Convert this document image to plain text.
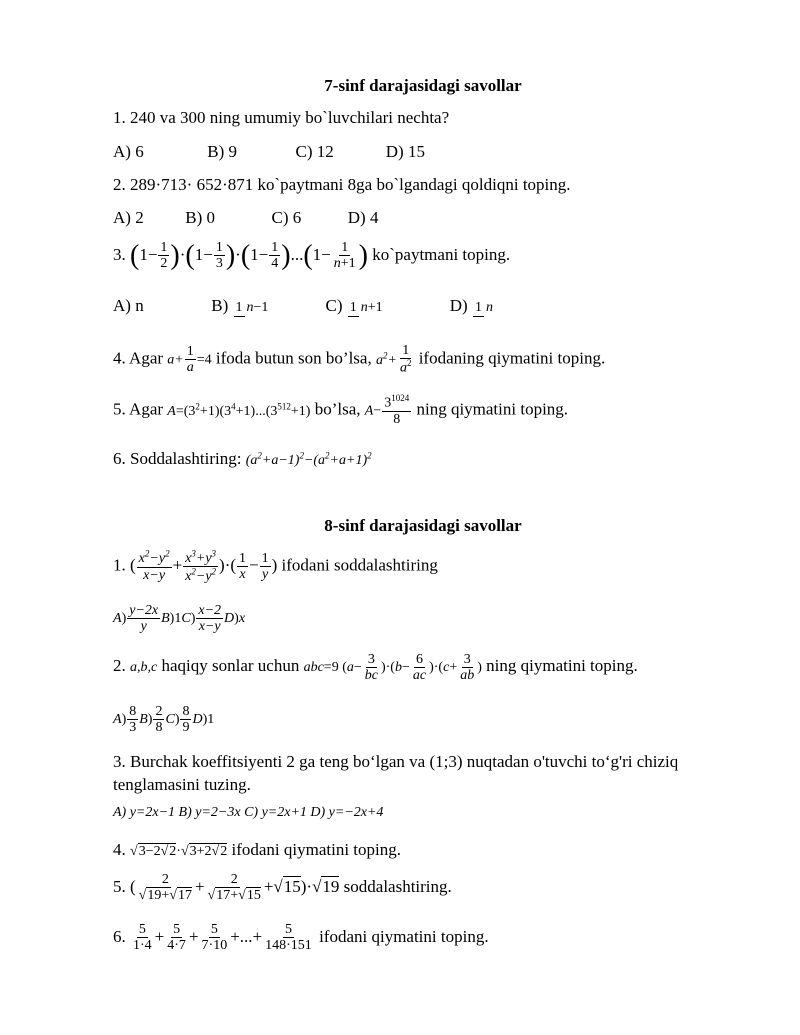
7-sinf darajasidagi savollar
1. 240 va 300 ning umumiy bo`luvchilari nechta?
A) 6	B) 9	C) 12	D) 15
2. 289·713· 652·871 ko`paytmani 8ga bo`lgandagi qoldiqni toping.
A) 2 B) 0	C) 6	D) 4
3. $(1- \frac{1}{2} )\cdot(1- \frac{1}{3} )\cdot(1- \frac{1}{4} )...(1- \frac{1}{n+1}$ ) ko`paytmani toping.
A) n	B) 1 n−1	C) 1 n+1	D) 1 n
4. Agar $a+ \frac{1}{a} =4$ ifoda butun son bo’lsa, $a^2+ \frac{1}{a^2}$ ifodaning qiymatini toping.
5. Agar $A=(3^2+1)(3^4+1)...(3^{512}+1)$ bo’lsa, $A- \frac{3^{1024}}{8}$ ning qiymatini toping.
6. Soddalashtiring: $(a^2+a-1)^2-(a^2+a+1)^2$
8-sinf darajasidagi savollar
1. ( $\frac{x^2-y^2}{x-y} + \frac{x^3+y^3}{x^2-y^2}$ )·( $\frac{1}{x} - \frac{1}{y}$ ) ifodani soddalashtiring
$A) \frac{y-2x}{y} B)1C) \frac{x-2}{x-y} D)x$
2. a,b,c haqiqy sonlar uchun abc=9 $(a- \frac{3}{bc} )\cdot(b- \frac{6}{ac} )\cdot(c+ \frac{3}{ab}$ ) ning qiymatini toping.
$A) \frac{8}{3} B) \frac{2}{8} C) \frac{8}{9} D)1$
3. Burchak koeffitsiyenti 2 ga teng bo‘lgan va (1;3) nuqtadan o'tuvchi to‘g'ri chiziq
tenglamasini tuzing.
A) y=2x−1 B) y=2−3x C) y=2x+1 D) y=−2x+4
4. √3−2√2·√3+2√2 ifodani qiymatini toping.
5. ( $\frac{2}{√19+√17} + \frac{2}{√17+√15} +√15)\cdot√19$ soddalashtiring.
6. $\frac{5}{1\cdot 4} + \frac{5}{4\cdot 7} + \frac{5}{7\cdot 10}$ +...+ $\frac{5}{148\cdot 151}$ ifodani qiymatini toping.
